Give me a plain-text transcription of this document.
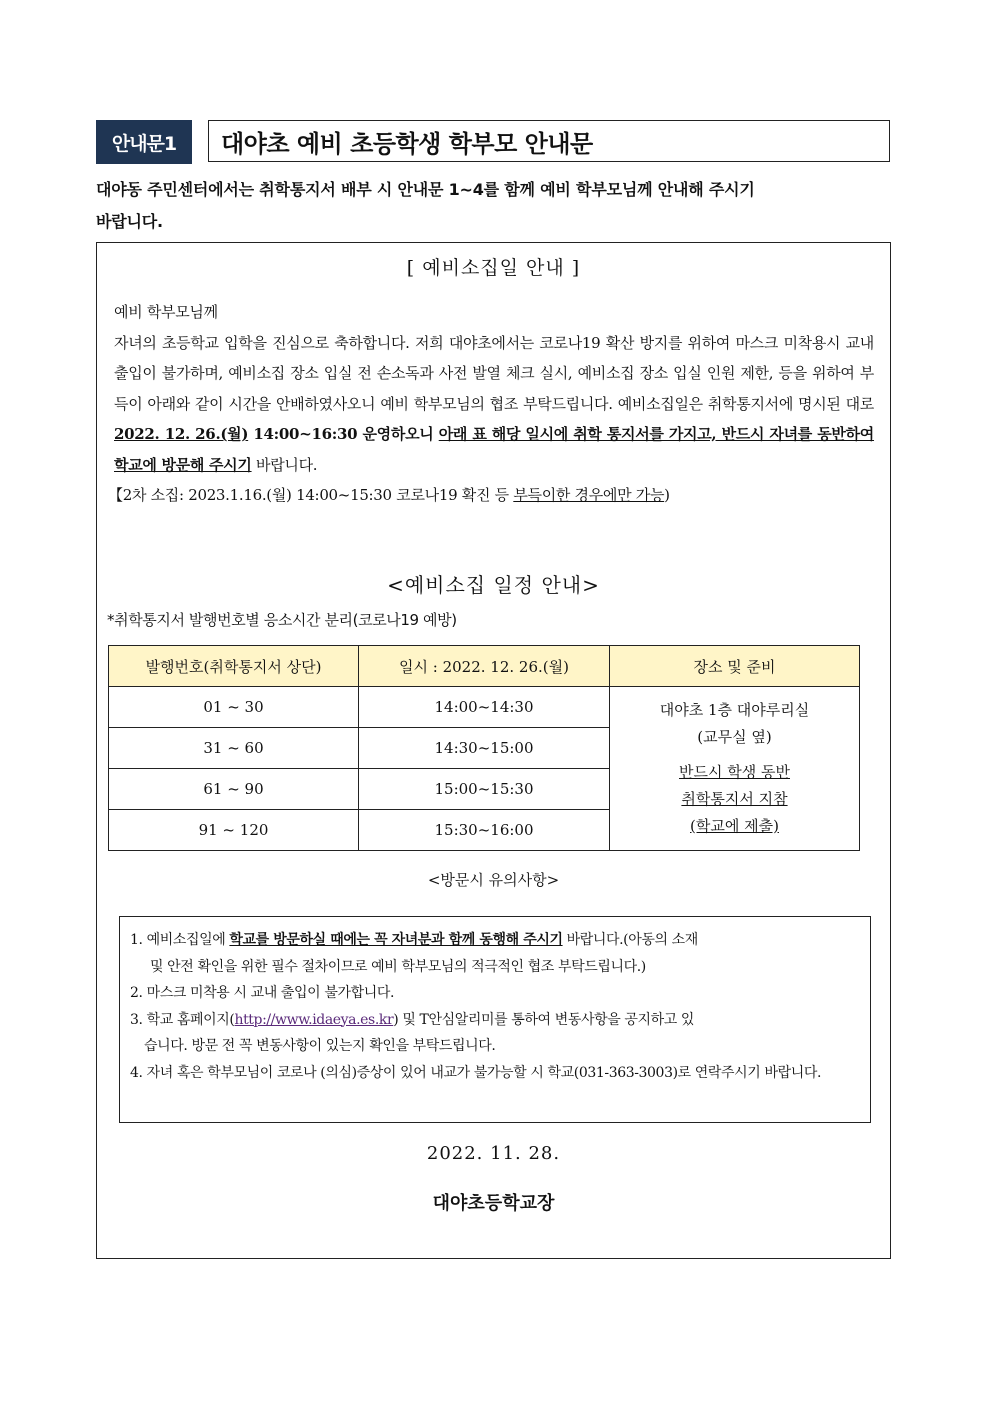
안내문1	대야초 예비 초등학생 학부모 안내문
대야동 주민센터에서는 취학통지서 배부 시 안내문 1~4를 함께 예비 학부모님께 안내해 주시기
바랍니다.
[ 예비소집일 안내 ]
예비 학부모님께
자녀의 초등학교 입학을 진심으로 축하합니다. 저희 대야초에서는 코로나19 확산 방지를 위하여 마스크 미착용시 교내 출입이 불가하며, 예비소집 장소 입실 전 손소독과 사전 발열 체크 실시, 예비소집 장소 입실 인원 제한, 등을 위하여 부득이 아래와 같이 시간을 안배하였사오니 예비 학부모님의 협조 부탁드립니다. 예비소집일은 취학통지서에 명시된 대로 2022. 12. 26.(월) 14:00~16:30 운영하오니 아래 표 해당 일시에 취학 통지서를 가지고, 반드시 자녀를 동반하여 학교에 방문해 주시기 바랍니다.
【2차 소집: 2023.1.16.(월) 14:00~15:30 코로나19 확진 등 부득이한 경우에만 가능)
<예비소집 일정 안내>
*취학통지서 발행번호별 응소시간 분리(코로나19 예방)
발행번호(취학통지서 상단)	일시 : 2022. 12. 26.(월)	장소 및 준비
01 ~ 30	14:00~14:30	대야초 1층 대야루리실
(교무실 옆)
반드시 학생 동반
취학통지서 지참
(학교에 제출)

31 ~ 60	14:30~15:00	
61 ~ 90	15:00~15:30	
91 ~ 120	15:30~16:00	
<방문시 유의사항>

1. 예비소집일에 학교를 방문하실 때에는 꼭 자녀분과 함께 동행해 주시기 바랍니다.(아동의 소재

및 안전 확인을 위한 필수 절차이므로 예비 학부모님의 적극적인 협조 부탁드립니다.)

2. 마스크 미착용 시 교내 출입이 불가합니다.

3. 학교 홈페이지(http://www.idaeya.es.kr) 및 T안심알리미를 통하여 변동사항을 공지하고 있

습니다. 방문 전 꼭 변동사항이 있는지 확인을 부탁드립니다.

4. 자녀 혹은 학부모님이 코로나 (의심)증상이 있어 내교가 불가능할 시 학교(031-363-3003)로 연락주시기 바랍니다.

2022. 11. 28.
대야초등학교장
